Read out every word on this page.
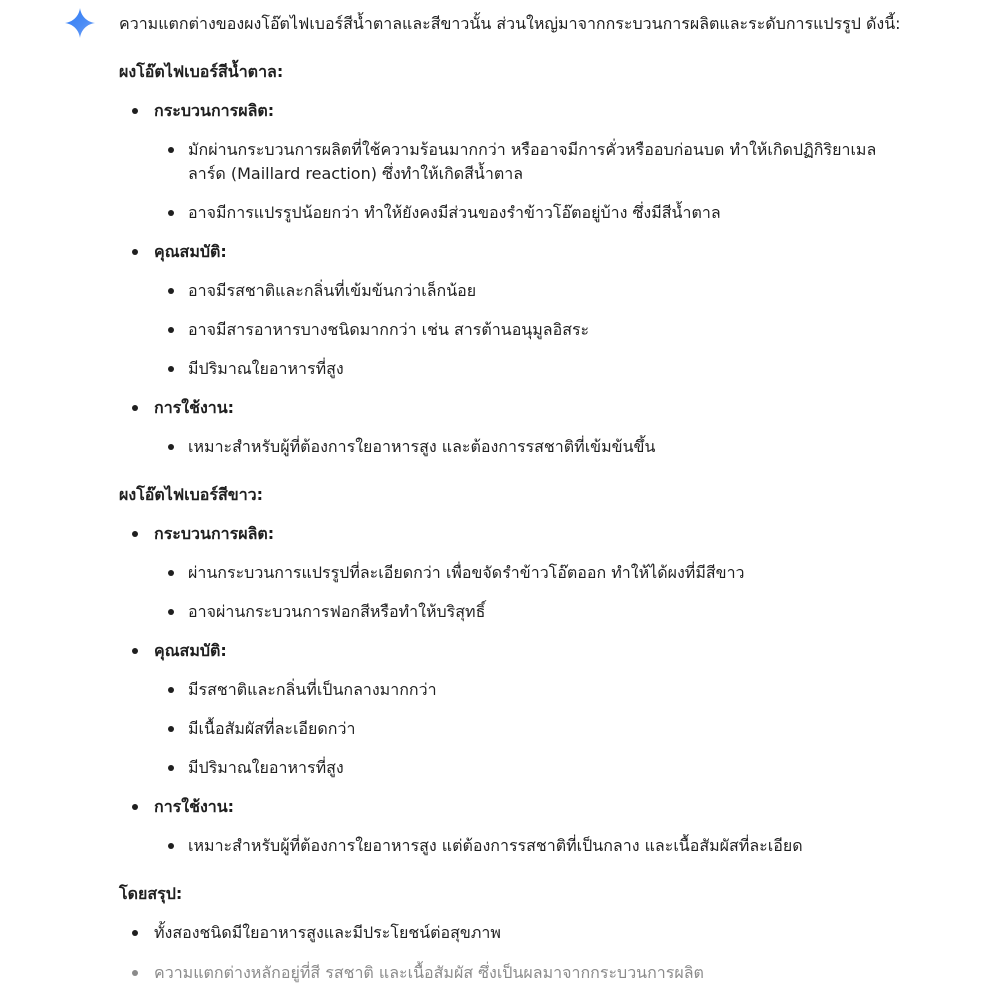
ความแตกต่างของผงโอ๊ตไฟเบอร์สีน้ำตาลและสีขาวนั้น ส่วนใหญ่มาจากกระบวนการผลิตและระดับการแปรรูป ดังนี้:

ผงโอ๊ตไฟเบอร์สีน้ำตาล:
กระบวนการผลิต:
มักผ่านกระบวนการผลิตที่ใช้ความร้อนมากกว่า หรืออาจมีการคั่วหรืออบก่อนบด ทำให้เกิดปฏิกิริยาเมลลาร์ด (Maillard reaction) ซึ่งทำให้เกิดสีน้ำตาล
อาจมีการแปรรูปน้อยกว่า ทำให้ยังคงมีส่วนของรำข้าวโอ๊ตอยู่บ้าง ซึ่งมีสีน้ำตาล
คุณสมบัติ:
อาจมีรสชาติและกลิ่นที่เข้มข้นกว่าเล็กน้อย
อาจมีสารอาหารบางชนิดมากกว่า เช่น สารต้านอนุมูลอิสระ
มีปริมาณใยอาหารที่สูง
การใช้งาน:
เหมาะสำหรับผู้ที่ต้องการใยอาหารสูง และต้องการรสชาติที่เข้มข้นขึ้น
ผงโอ๊ตไฟเบอร์สีขาว:
กระบวนการผลิต:
ผ่านกระบวนการแปรรูปที่ละเอียดกว่า เพื่อขจัดรำข้าวโอ๊ตออก ทำให้ได้ผงที่มีสีขาว
อาจผ่านกระบวนการฟอกสีหรือทำให้บริสุทธิ์
คุณสมบัติ:
มีรสชาติและกลิ่นที่เป็นกลางมากกว่า
มีเนื้อสัมผัสที่ละเอียดกว่า
มีปริมาณใยอาหารที่สูง
การใช้งาน:
เหมาะสำหรับผู้ที่ต้องการใยอาหารสูง แต่ต้องการรสชาติที่เป็นกลาง และเนื้อสัมผัสที่ละเอียด
โดยสรุป:
ทั้งสองชนิดมีใยอาหารสูงและมีประโยชน์ต่อสุขภาพ
ความแตกต่างหลักอยู่ที่สี รสชาติ และเนื้อสัมผัส ซึ่งเป็นผลมาจากกระบวนการผลิต
